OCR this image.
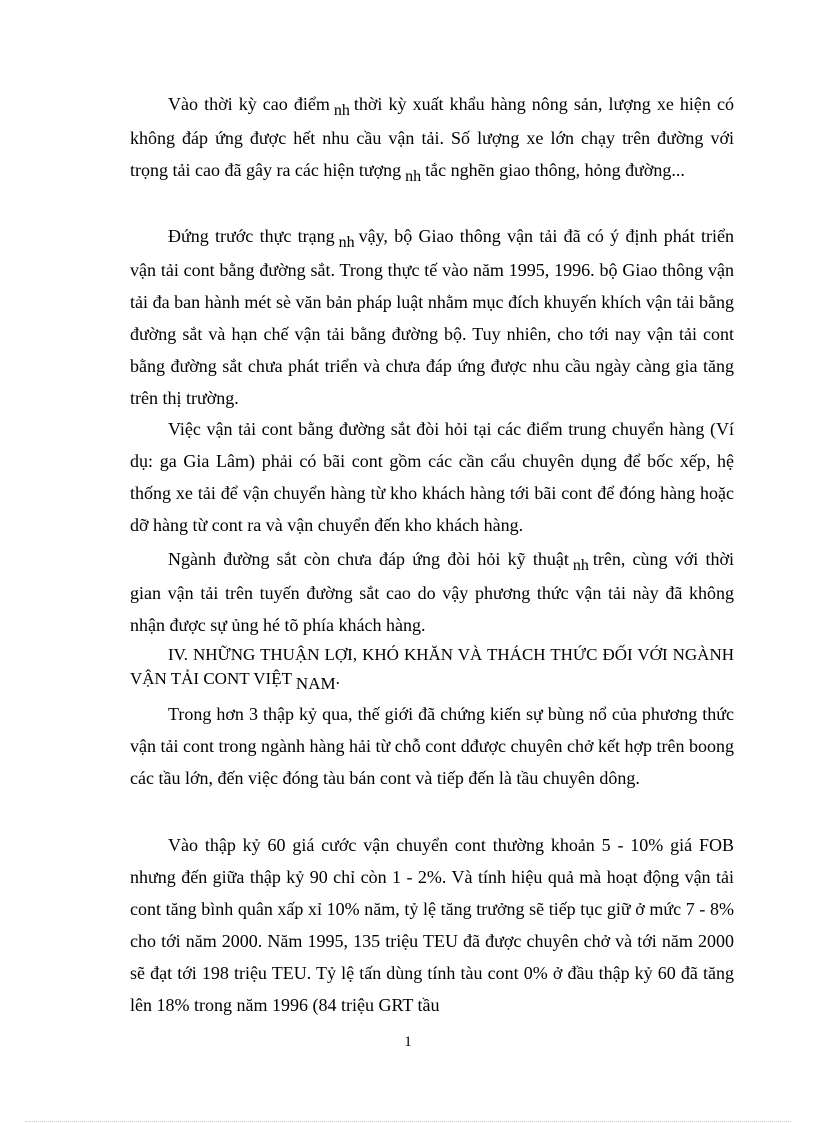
Vào thời kỳ cao điểm nh thời kỳ xuất khẩu hàng nông sản, lượng xe hiện có không đáp ứng được hết nhu cầu vận tải. Số lượng xe lớn chạy trên đường với trọng tải cao đã gây ra các hiện tượng nh tắc nghẽn giao thông, hỏng đường...

Đứng trước thực trạng nh vậy, bộ Giao thông vận tải đã có ý định phát triển vận tải cont bằng đường sắt. Trong thực tế vào năm 1995, 1996. bộ Giao thông vận tải đa ban hành mét sè văn bản pháp luật nhằm mục đích khuyến khích vận tải bằng đường sắt và hạn chế vận tải bằng đường bộ. Tuy nhiên, cho tới nay vận tải cont bằng đường sắt chưa phát triển và chưa đáp ứng được nhu cầu ngày càng gia tăng trên thị trường.

Việc vận tải cont bằng đường sắt đòi hỏi tại các điểm trung chuyển hàng (Ví dụ: ga Gia Lâm) phải có bãi cont gồm các cần cẩu chuyên dụng để bốc xếp, hệ thống xe tải để vận chuyển hàng từ kho khách hàng tới bãi cont để đóng hàng hoặc dỡ hàng từ cont ra và vận chuyển đến kho khách hàng.

Ngành đường sắt còn chưa đáp ứng đòi hỏi kỹ thuật nh trên, cùng với thời gian vận tải trên tuyến đường sắt cao do vậy phương thức vận tải này đã không nhận được sự ủng hé tõ phía khách hàng.

IV. NHỮNG THUẬN LỢI, KHÓ KHĂN VÀ THÁCH THỨC ĐỐI VỚI NGÀNH VẬN TẢI CONT VIỆT NAM.

Trong hơn 3 thập kỷ qua, thế giới đã chứng kiến sự bùng nổ của phương thức vận tải cont trong ngành hàng hải từ chỗ cont dđược chuyên chở kết hợp trên boong các tầu lớn, đến việc đóng tàu bán cont và tiếp đến là tầu chuyên dông.

Vào thập kỷ 60 giá cước vận chuyển cont thường khoản 5 - 10% giá FOB nhưng đến giữa thập kỷ 90 chỉ còn 1 - 2%. Và tính hiệu quả mà hoạt động vận tải cont tăng bình quân xấp xỉ 10% năm, tỷ lệ tăng trưởng sẽ tiếp tục giữ ở mức 7 - 8% cho tới năm 2000. Năm 1995, 135 triệu TEU đã được chuyên chở và tới năm 2000 sẽ đạt tới 198 triệu TEU. Tỷ lệ tấn dùng tính tàu cont 0% ở đầu thập kỷ 60 đã tăng lên 18% trong năm 1996 (84 triệu GRT tầu

1
